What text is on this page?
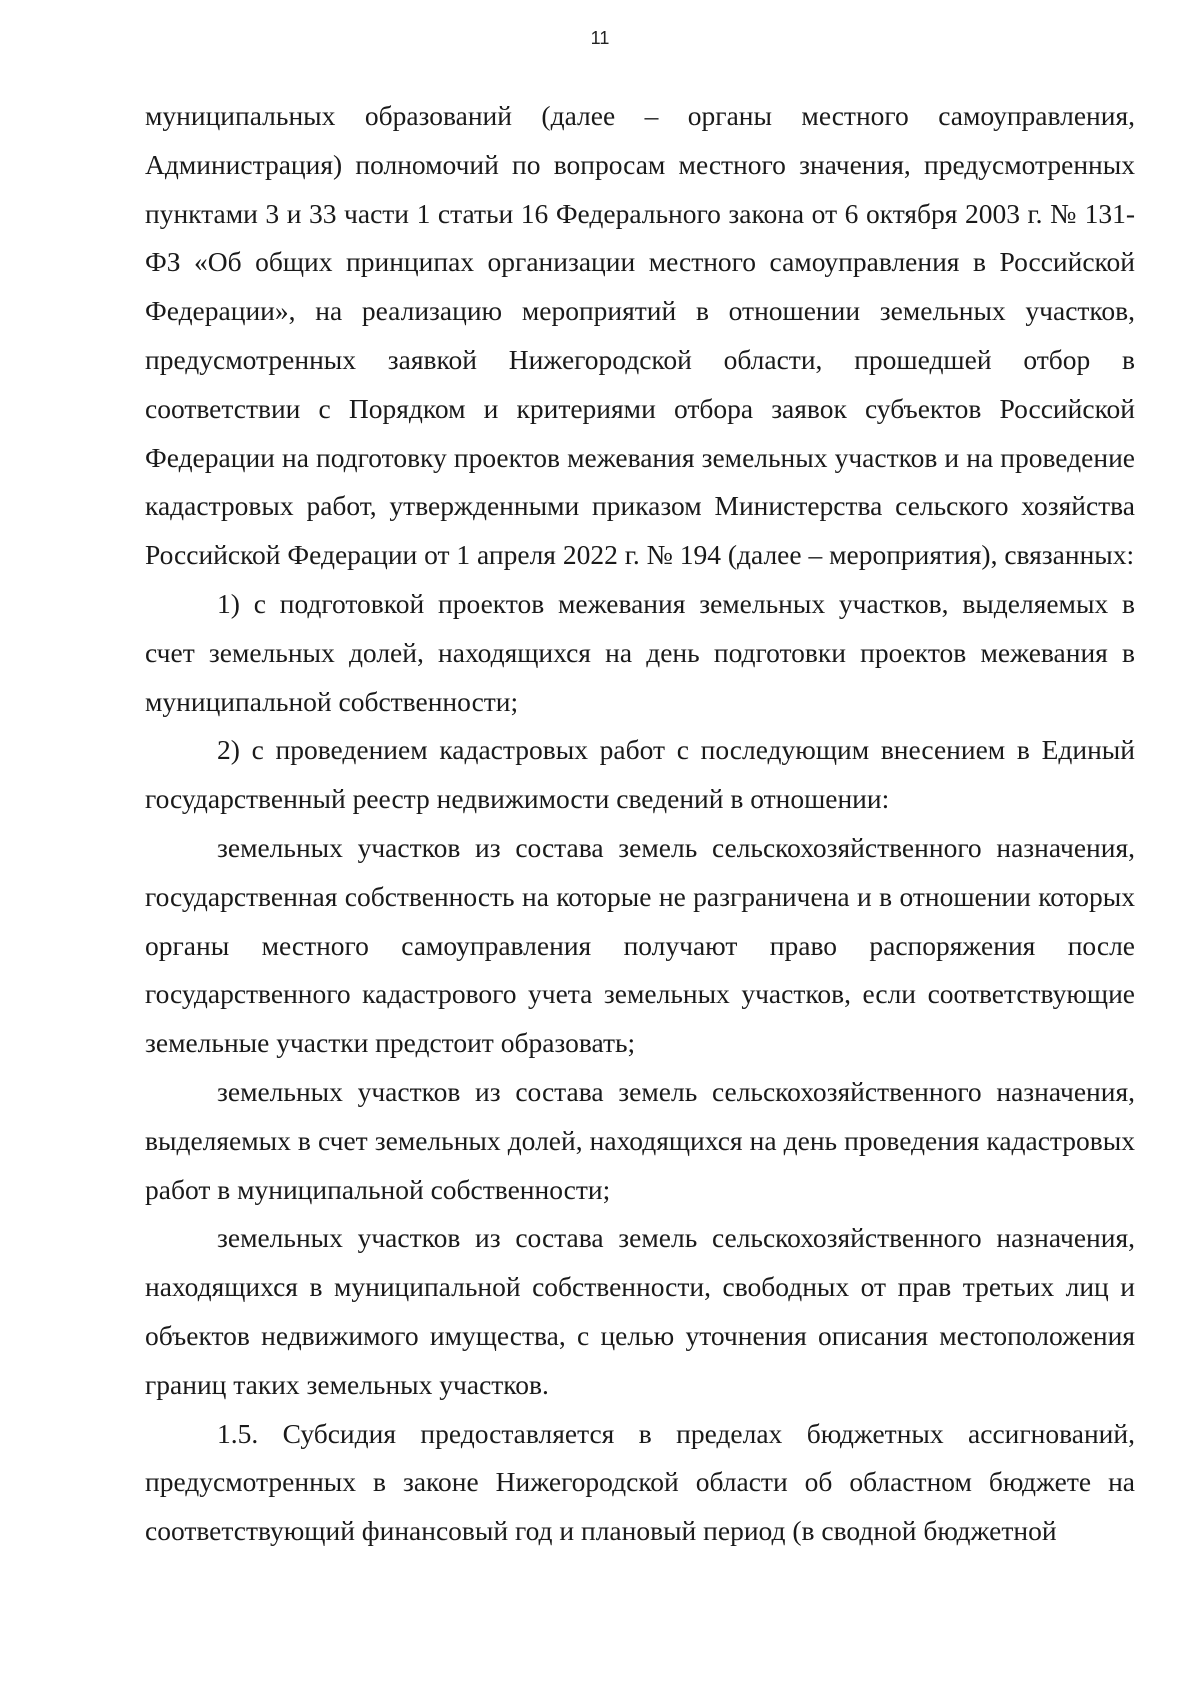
11

муниципальных образований (далее – органы местного самоуправления, Администрация) полномочий по вопросам местного значения, предусмотренных пунктами 3 и 33 части 1 статьи 16 Федерального закона от 6 октября 2003 г. № 131-ФЗ «Об общих принципах организации местного самоуправления в Российской Федерации», на реализацию мероприятий в отношении земельных участков, предусмотренных заявкой Нижегородской области, прошедшей отбор в соответствии с Порядком и критериями отбора заявок субъектов Российской Федерации на подготовку проектов межевания земельных участков и на проведение кадастровых работ, утвержденными приказом Министерства сельского хозяйства Российской Федерации от 1 апреля 2022 г. № 194 (далее – мероприятия), связанных:

1) с подготовкой проектов межевания земельных участков, выделяемых в счет земельных долей, находящихся на день подготовки проектов межевания в муниципальной собственности;

2) с проведением кадастровых работ с последующим внесением в Единый государственный реестр недвижимости сведений в отношении:

земельных участков из состава земель сельскохозяйственного назначения, государственная собственность на которые не разграничена и в отношении которых органы местного самоуправления получают право распоряжения после государственного кадастрового учета земельных участков, если соответствующие земельные участки предстоит образовать;

земельных участков из состава земель сельскохозяйственного назначения, выделяемых в счет земельных долей, находящихся на день проведения кадастровых работ в муниципальной собственности;

земельных участков из состава земель сельскохозяйственного назначения, находящихся в муниципальной собственности, свободных от прав третьих лиц и объектов недвижимого имущества, с целью уточнения описания местоположения границ таких земельных участков.

1.5. Субсидия предоставляется в пределах бюджетных ассигнований, предусмотренных в законе Нижегородской области об областном бюджете на соответствующий финансовый год и плановый период (в сводной бюджетной
